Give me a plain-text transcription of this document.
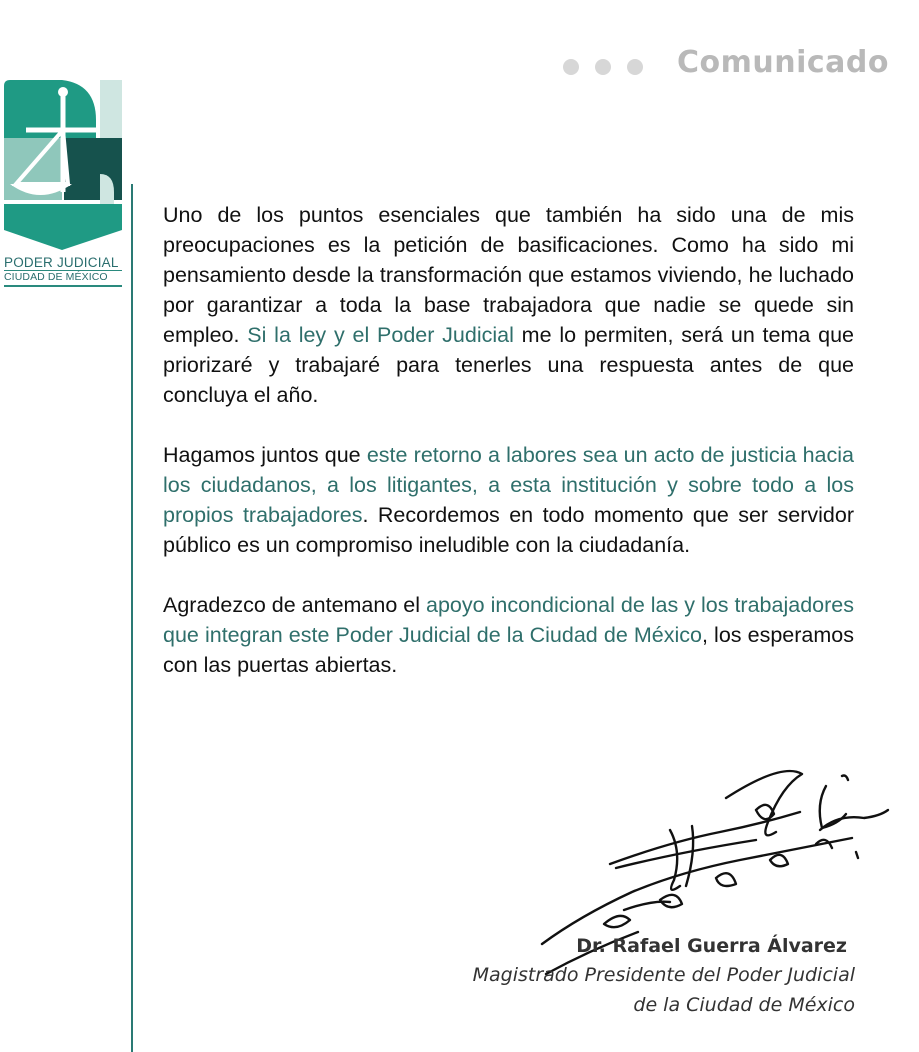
Comunicado
PODER JUDICIAL
CIUDAD DE MÉXICO

Uno de los puntos esenciales que también ha sido una de mis preocupaciones es la petición de basificaciones. Como ha sido mi pensamiento desde la transformación que estamos viviendo, he luchado por garantizar a toda la base trabajadora que nadie se quede sin empleo. Si la ley y el Poder Judicial me lo permiten, será un tema que priorizaré y trabajaré para tenerles una respuesta antes de que concluya el año.

Hagamos juntos que este retorno a labores sea un acto de justicia hacia los ciudadanos, a los litigantes, a esta institución y sobre todo a los propios trabajadores. Recordemos en todo momento que ser servidor público es un compromiso ineludible con la ciudadanía.

Agradezco de antemano el apoyo incondicional de las y los trabajadores que integran este Poder Judicial de la Ciudad de México, los esperamos con las puertas abiertas.

Dr. Rafael Guerra Álvarez
Magistrado Presidente del Poder Judicial
de la Ciudad de México
